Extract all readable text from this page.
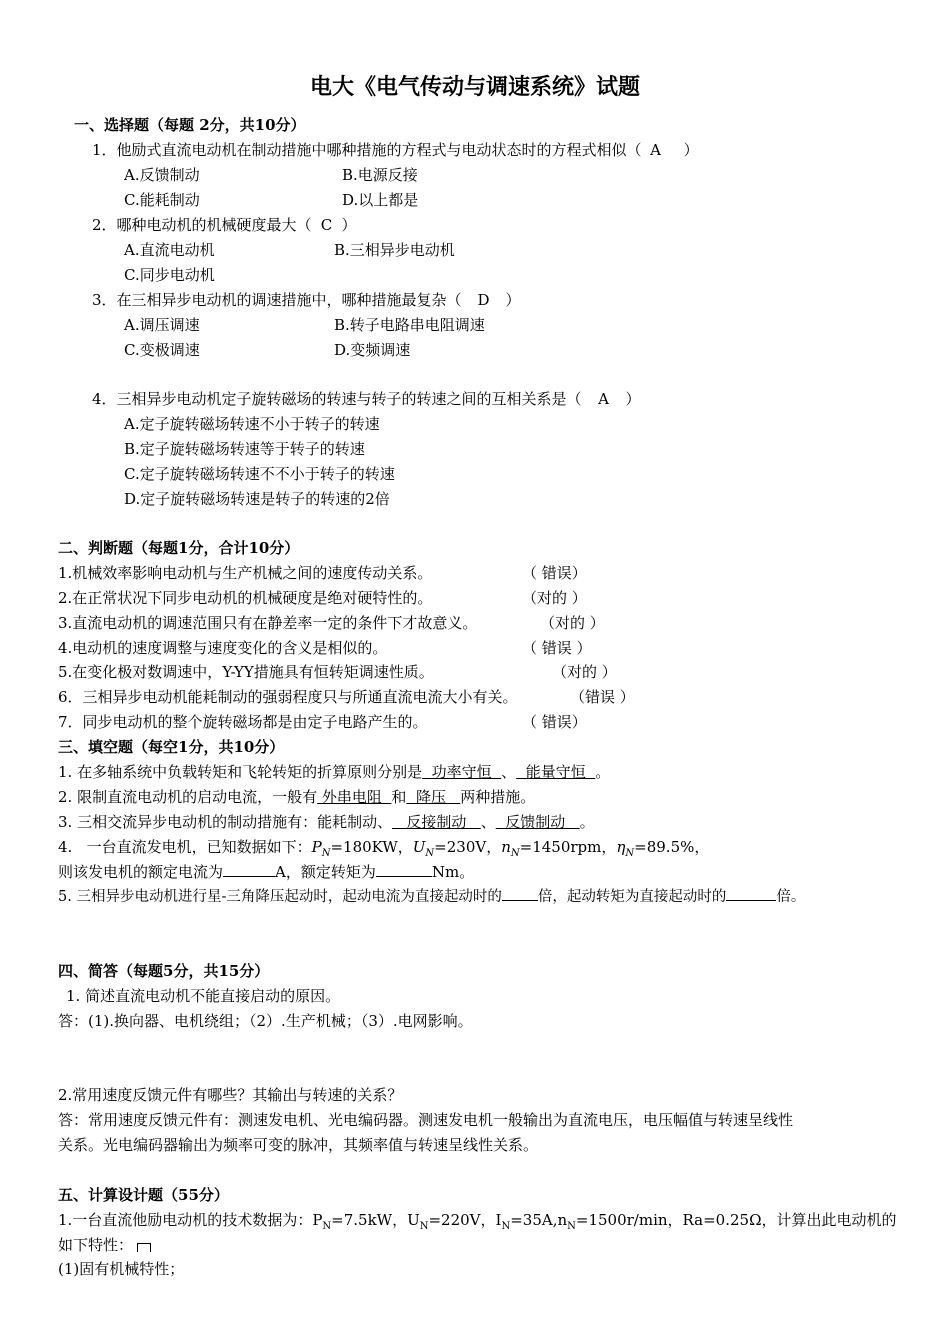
电大《电气传动与调速系统》试题
一、选择题（每题 2分，共10分）
1．他励式直流电动机在制动措施中哪种措施的方程式与电动状态时的方程式相似（ A ）
A.反馈制动	B.电源反接
C.能耗制动	D.以上都是
2．哪种电动机的机械硬度最大（ C ）
A.直流电动机	B.三相异步电动机
C.同步电动机
3．在三相异步电动机的调速措施中，哪种措施最复杂（ D ）
A.调压调速	B.转子电路串电阻调速
C.变极调速	D.变频调速
4．三相异步电动机定子旋转磁场的转速与转子的转速之间的互相关系是（ A ）
A.定子旋转磁场转速不小于转子的转速
B.定子旋转磁场转速等于转子的转速
C.定子旋转磁场转速不不小于转子的转速
D.定子旋转磁场转速是转子的转速的2倍
二、判断题（每题1分，合计10分）
1.机械效率影响电动机与生产机械之间的速度传动关系。	（ 错误）
2.在正常状况下同步电动机的机械硬度是绝对硬特性的。	（对的 ）
3.直流电动机的调速范围只有在静差率一定的条件下才故意义。	（对的 ）
4.电动机的速度调整与速度变化的含义是相似的。	（ 错误 ）
5.在变化极对数调速中，Y-YY措施具有恒转矩调速性质。	（对的 ）
6．三相异步电动机能耗制动的强弱程度只与所通直流电流大小有关。	（错误 ）
7．同步电动机的整个旋转磁场都是由定子电路产生的。	（ 错误）
三、填空题（每空1分，共10分）
1. 在多轴系统中负载转矩和飞轮转矩的折算原则分别是  功率守恒  、  能量守恒  。
2. 限制直流电动机的启动电流，一般有 外串电阻  和  降压   两种措施。
3. 三相交流异步电动机的制动措施有：能耗制动、   反接制动   、  反馈制动   。
4.   一台直流发电机，已知数据如下：$P_N=180KW$，$U_N=230V$，$n_N=1450rpm$，$\eta_N=89.5\%$，
则该发电机的额定电流为	A，额定转矩为	Nm。
5. 三相异步电动机进行星-三角降压起动时，起动电流为直接起动时的 倍，起动转矩为直接起动时的	倍。
四、简答（每题5分，共15分）
1. 简述直流电动机不能直接启动的原因。
答：(1).换向器、电机绕组；（2）.生产机械；（3）.电网影响。
2.常用速度反馈元件有哪些？其输出与转速的关系？
答：常用速度反馈元件有：测速发电机、光电编码器。测速发电机一般输出为直流电压，电压幅值与转速呈线性
关系。光电编码器输出为频率可变的脉冲，其频率值与转速呈线性关系。
五、计算设计题（55分）
1.一台直流他励电动机的技术数据为：$P_N=7.5kW$，$U_N=220V$，$I_N=35A,n_N=1500r/\min$，Ra=0.25Ω，计算出此电动机的
如下特性：
(1)固有机械特性；
